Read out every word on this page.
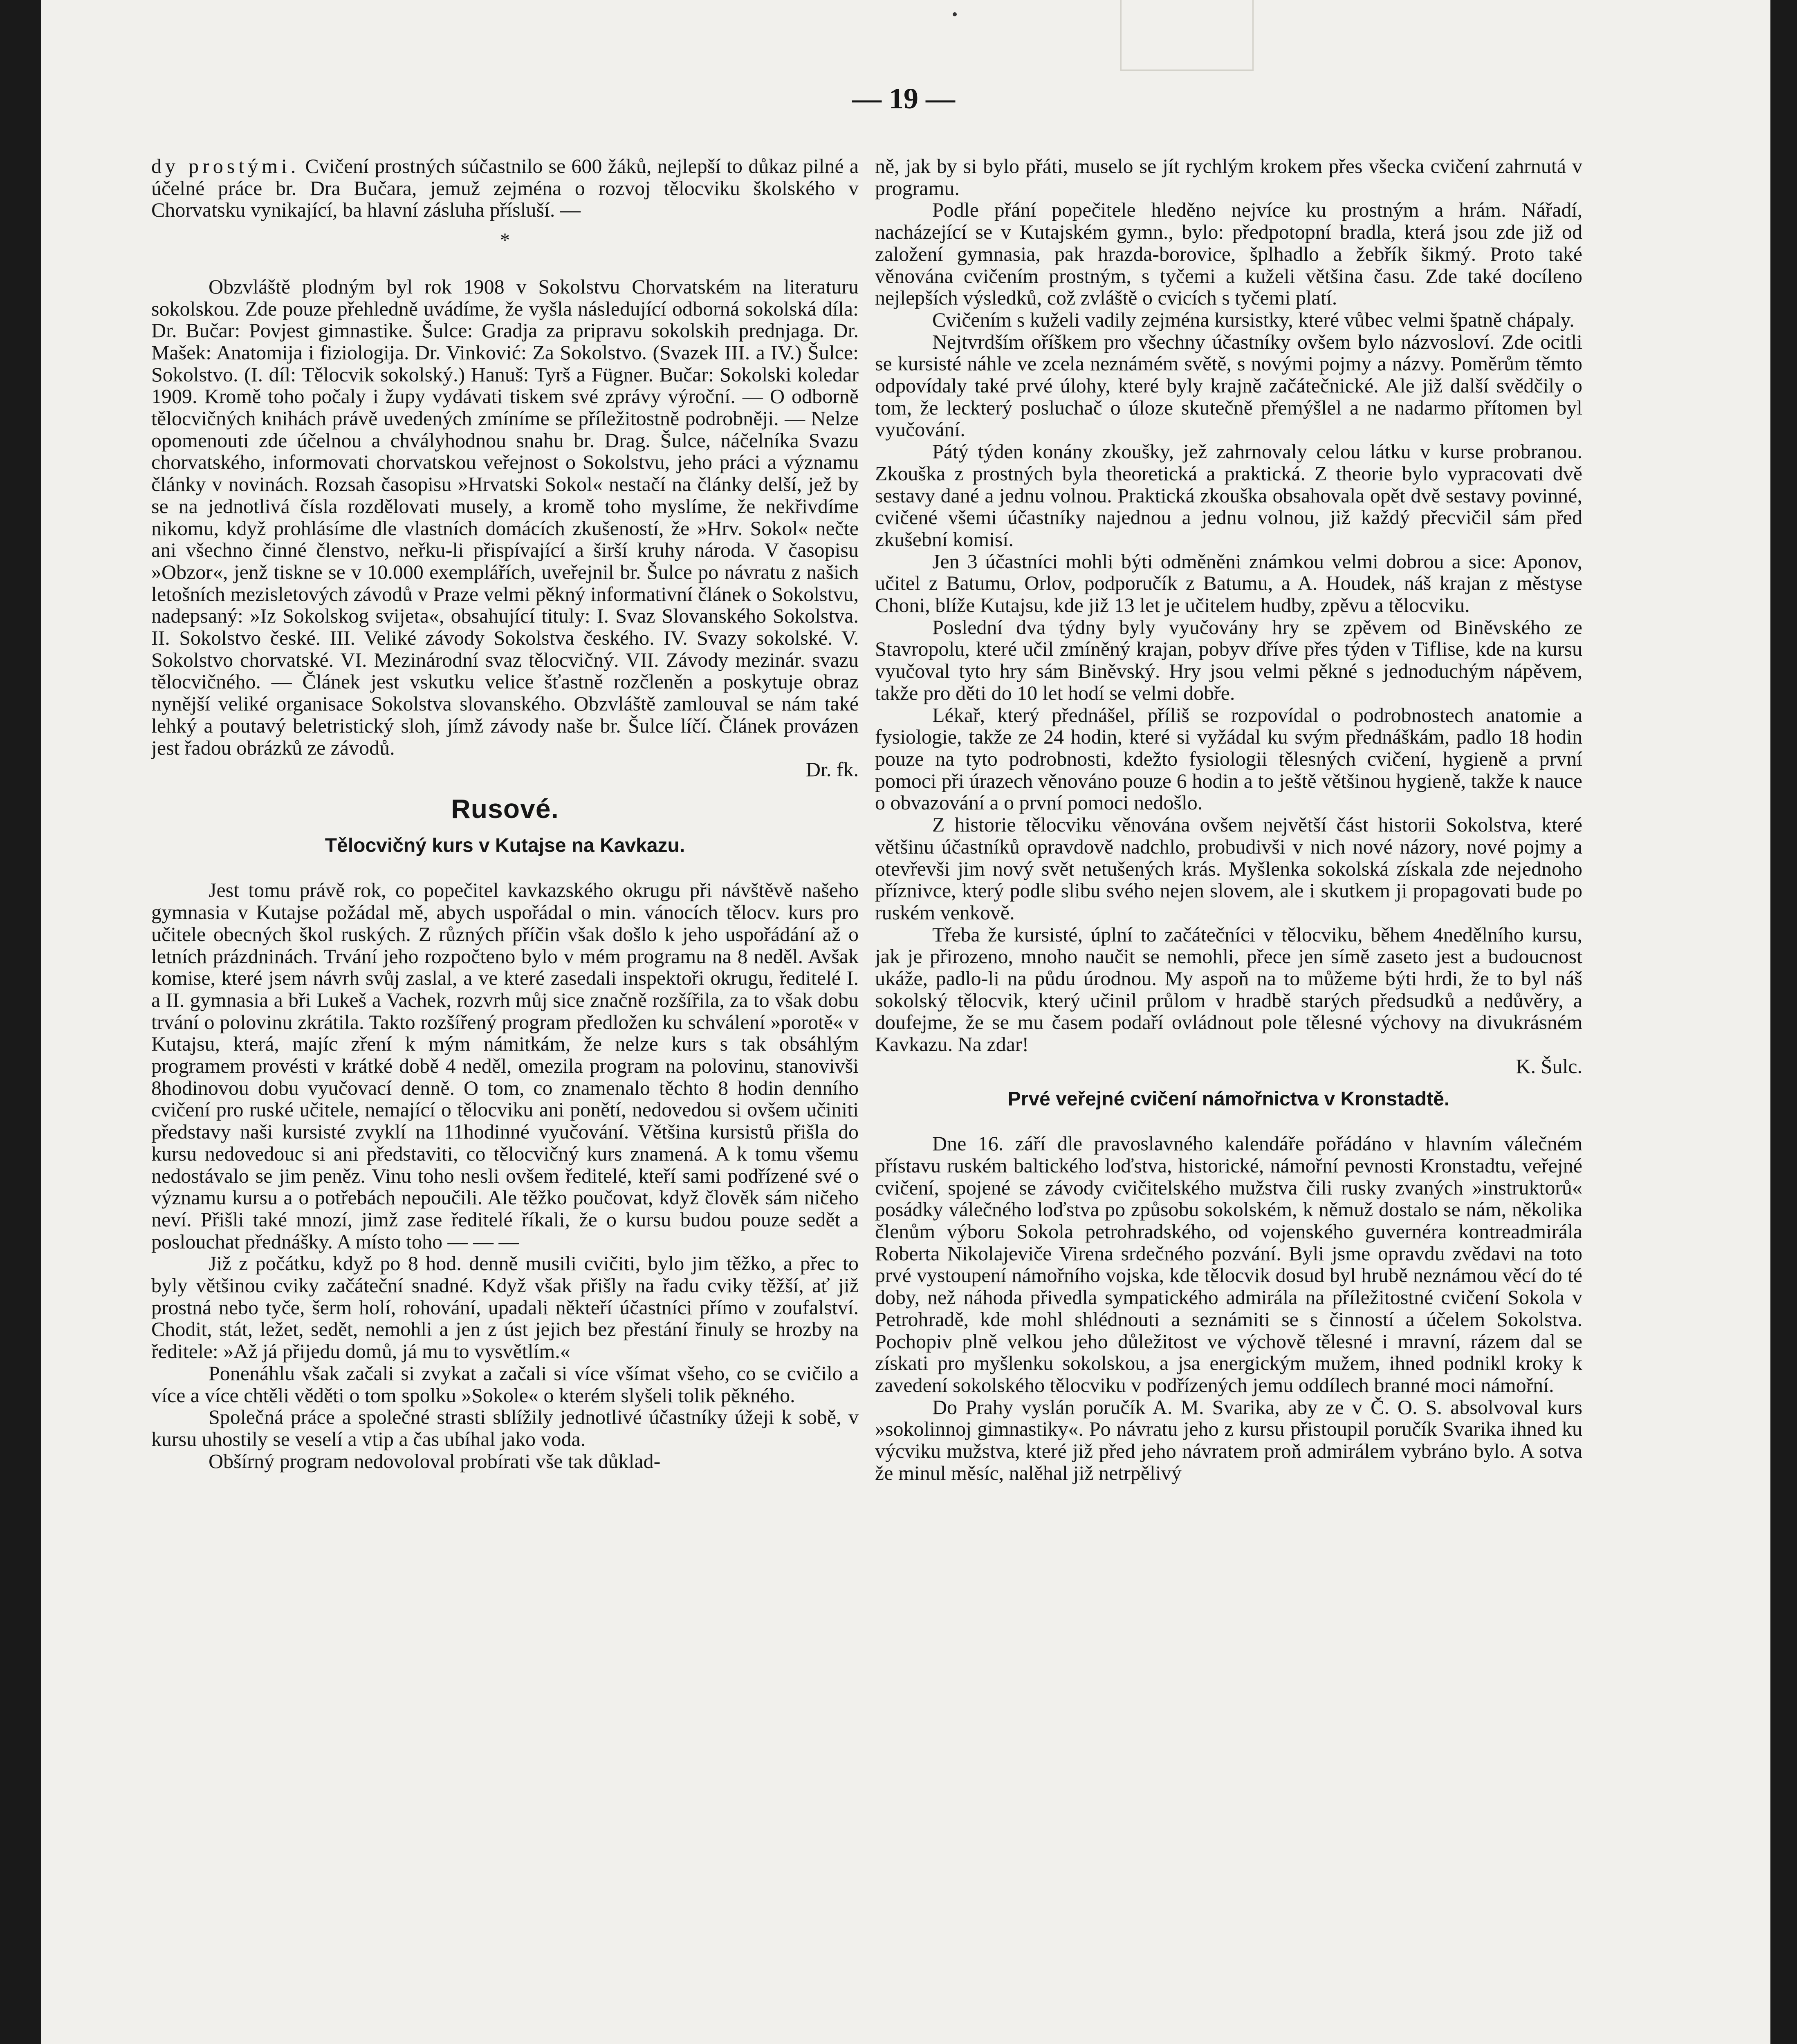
— 19 —

dy prostými. Cvičení prostných súčastnilo se 600 žáků, nejlepší to důkaz pilné a účelné práce br. Dra Bučara, jemuž zejména o rozvoj tělocviku školského v Chorvatsku vynikající, ba hlavní zásluha přísluší. —

*

Obzvláště plodným byl rok 1908 v Sokolstvu Chorvatském na literaturu sokolskou. Zde pouze přehledně uvádíme, že vyšla následující odborná sokolská díla: Dr. Bučar: Povjest gimnastike. Šulce: Gradja za pripravu sokolskih prednjaga. Dr. Mašek: Anatomija i fiziologija. Dr. Vinković: Za Sokolstvo. (Svazek III. a IV.) Šulce: Sokolstvo. (I. díl: Tělocvik sokolský.) Hanuš: Tyrš a Fügner. Bučar: Sokolski koledar 1909. Kromě toho počaly i župy vydávati tiskem své zprávy výroční. — O odborně tělocvičných knihách právě uvedených zmíníme se příležitostně podrobněji. — Nelze opomenouti zde účelnou a chvályhodnou snahu br. Drag. Šulce, náčelníka Svazu chorvatského, informovati chorvatskou veřejnost o Sokolstvu, jeho práci a významu články v novinách. Rozsah časopisu »Hrvatski Sokol« nestačí na články delší, jež by se na jednotlivá čísla rozdělovati musely, a kromě toho myslíme, že nekřivdíme nikomu, když prohlásíme dle vlastních domácích zkušeností, že »Hrv. Sokol« nečte ani všechno činné členstvo, neřku-li přispívající a širší kruhy národa. V časopisu »Obzor«, jenž tiskne se v 10.000 exemplářích, uveřejnil br. Šulce po návratu z našich letošních mezisletových závodů v Praze velmi pěkný informativní článek o Sokolstvu, nadepsaný: »Iz Sokolskog svijeta«, obsahující tituly: I. Svaz Slovanského Sokolstva. II. Sokolstvo české. III. Veliké závody Sokolstva českého. IV. Svazy sokolské. V. Sokolstvo chorvatské. VI. Mezinárodní svaz tělocvičný. VII. Závody mezinár. svazu tělocvičného. — Článek jest vskutku velice šťastně rozčleněn a poskytuje obraz nynější veliké organisace Sokolstva slovanského. Obzvláště zamlouval se nám také lehký a poutavý beletristický sloh, jímž závody naše br. Šulce líčí. Článek provázen jest řadou obrázků ze závodů.

Dr. fk.

Rusové.
Tělocvičný kurs v Kutajse na Kavkazu.

Jest tomu právě rok, co popečitel kavkazského okrugu při návštěvě našeho gymnasia v Kutajse požádal mě, abych uspořádal o min. vánocích tělocv. kurs pro učitele obecných škol ruských. Z různých příčin však došlo k jeho uspořádání až o letních prázdninách. Trvání jeho rozpočteno bylo v mém programu na 8 neděl. Avšak komise, které jsem návrh svůj zaslal, a ve které zasedali inspektoři okrugu, ředitelé I. a II. gymnasia a bři Lukeš a Vachek, rozvrh můj sice značně rozšířila, za to však dobu trvání o polovinu zkrátila. Takto rozšířený program předložen ku schválení »porotě« v Kutajsu, která, majíc zření k mým námitkám, že nelze kurs s tak obsáhlým programem provésti v krátké době 4 neděl, omezila program na polovinu, stanovivši 8hodinovou dobu vyučovací denně. O tom, co znamenalo těchto 8 hodin denního cvičení pro ruské učitele, nemající o tělocviku ani ponětí, nedovedou si ovšem učiniti představy naši kursisté zvyklí na 11hodinné vyučování. Většina kursistů přišla do kursu nedovedouc si ani představiti, co tělocvičný kurs znamená. A k tomu všemu nedostávalo se jim peněz. Vinu toho nesli ovšem ředitelé, kteří sami podřízené své o významu kursu a o potřebách nepoučili. Ale těžko poučovat, když člověk sám ničeho neví. Přišli také mnozí, jimž zase ředitelé říkali, že o kursu budou pouze sedět a poslouchat přednášky. A místo toho — — —

Již z počátku, když po 8 hod. denně musili cvičiti, bylo jim těžko, a přec to byly většinou cviky začáteční snadné. Když však přišly na řadu cviky těžší, ať již prostná nebo tyče, šerm holí, rohování, upadali někteří účastníci přímo v zoufalství. Chodit, stát, ležet, sedět, nemohli a jen z úst jejich bez přestání řinuly se hrozby na ředitele: »Až já přijedu domů, já mu to vysvětlím.«

Ponenáhlu však začali si zvykat a začali si více všímat všeho, co se cvičilo a více a více chtěli věděti o tom spolku »Sokole« o kterém slyšeli tolik pěkného.

Společná práce a společné strasti sblížily jednotlivé účastníky úžeji k sobě, v kursu uhostily se veselí a vtip a čas ubíhal jako voda.

Obšírný program nedovoloval probírati vše tak důklad-

ně, jak by si bylo přáti, muselo se jít rychlým krokem přes všecka cvičení zahrnutá v programu.

Podle přání popečitele hleděno nejvíce ku prostným a hrám. Nářadí, nacházející se v Kutajském gymn., bylo: předpotopní bradla, která jsou zde již od založení gymnasia, pak hrazda-borovice, šplhadlo a žebřík šikmý. Proto také věnována cvičením prostným, s tyčemi a kuželi většina času. Zde také docíleno nejlepších výsledků, což zvláště o cvicích s tyčemi platí.

Cvičením s kuželi vadily zejména kursistky, které vůbec velmi špatně chápaly.

Nejtvrdším oříškem pro všechny účastníky ovšem bylo názvosloví. Zde ocitli se kursisté náhle ve zcela neznámém světě, s novými pojmy a názvy. Poměrům těmto odpovídaly také prvé úlohy, které byly krajně začátečnické. Ale již další svědčily o tom, že leckterý posluchač o úloze skutečně přemýšlel a ne nadarmo přítomen byl vyučování.

Pátý týden konány zkoušky, jež zahrnovaly celou látku v kurse probranou. Zkouška z prostných byla theoretická a praktická. Z theorie bylo vypracovati dvě sestavy dané a jednu volnou. Praktická zkouška obsahovala opět dvě sestavy povinné, cvičené všemi účastníky najednou a jednu volnou, již každý přecvičil sám před zkušební komisí.

Jen 3 účastníci mohli býti odměněni známkou velmi dobrou a sice: Aponov, učitel z Batumu, Orlov, podporučík z Batumu, a A. Houdek, náš krajan z městyse Choni, blíže Kutajsu, kde již 13 let je učitelem hudby, zpěvu a tělocviku.

Poslední dva týdny byly vyučovány hry se zpěvem od Biněvského ze Stavropolu, které učil zmíněný krajan, pobyv dříve přes týden v Tiflise, kde na kursu vyučoval tyto hry sám Biněvský. Hry jsou velmi pěkné s jednoduchým nápěvem, takže pro děti do 10 let hodí se velmi dobře.

Lékař, který přednášel, příliš se rozpovídal o podrobnostech anatomie a fysiologie, takže ze 24 hodin, které si vyžádal ku svým přednáškám, padlo 18 hodin pouze na tyto podrobnosti, kdežto fysiologii tělesných cvičení, hygieně a první pomoci při úrazech věnováno pouze 6 hodin a to ještě většinou hygieně, takže k nauce o obvazování a o první pomoci nedošlo.

Z historie tělocviku věnována ovšem největší část historii Sokolstva, které většinu účastníků opravdově nadchlo, probudivši v nich nové názory, nové pojmy a otevřevši jim nový svět netušených krás. Myšlenka sokolská získala zde nejednoho příznivce, který podle slibu svého nejen slovem, ale i skutkem ji propagovati bude po ruském venkově.

Třeba že kursisté, úplní to začátečníci v tělocviku, během 4nedělního kursu, jak je přirozeno, mnoho naučit se nemohli, přece jen símě zaseto jest a budoucnost ukáže, padlo-li na půdu úrodnou. My aspoň na to můžeme býti hrdi, že to byl náš sokolský tělocvik, který učinil průlom v hradbě starých předsudků a nedůvěry, a doufejme, že se mu časem podaří ovládnout pole tělesné výchovy na divukrásném Kavkazu. Na zdar!

K. Šulc.

Prvé veřejné cvičení námořnictva v Kronstadtě.

Dne 16. září dle pravoslavného kalendáře pořádáno v hlavním válečném přístavu ruském baltického loďstva, historické, námořní pevnosti Kronstadtu, veřejné cvičení, spojené se závody cvičitelského mužstva čili rusky zvaných »instruktorů« posádky válečného loďstva po způsobu sokolském, k němuž dostalo se nám, několika členům výboru Sokola petrohradského, od vojenského guvernéra kontreadmirála Roberta Nikolajeviče Virena srdečného pozvání. Byli jsme opravdu zvědavi na toto prvé vystoupení námořního vojska, kde tělocvik dosud byl hrubě neznámou věcí do té doby, než náhoda přivedla sympatického admirála na příležitostné cvičení Sokola v Petrohradě, kde mohl shlédnouti a seznámiti se s činností a účelem Sokolstva. Pochopiv plně velkou jeho důležitost ve výchově tělesné i mravní, rázem dal se získati pro myšlenku sokolskou, a jsa energickým mužem, ihned podnikl kroky k zavedení sokolského tělocviku v podřízených jemu oddílech branné moci námořní.

Do Prahy vyslán poručík A. M. Svarika, aby ze v Č. O. S. absolvoval kurs »sokolinnoj gimnastiky«. Po návratu jeho z kursu přistoupil poručík Svarika ihned ku výcviku mužstva, které již před jeho návratem proň admirálem vybráno bylo. A sotva že minul měsíc, nalěhal již netrpělivý
